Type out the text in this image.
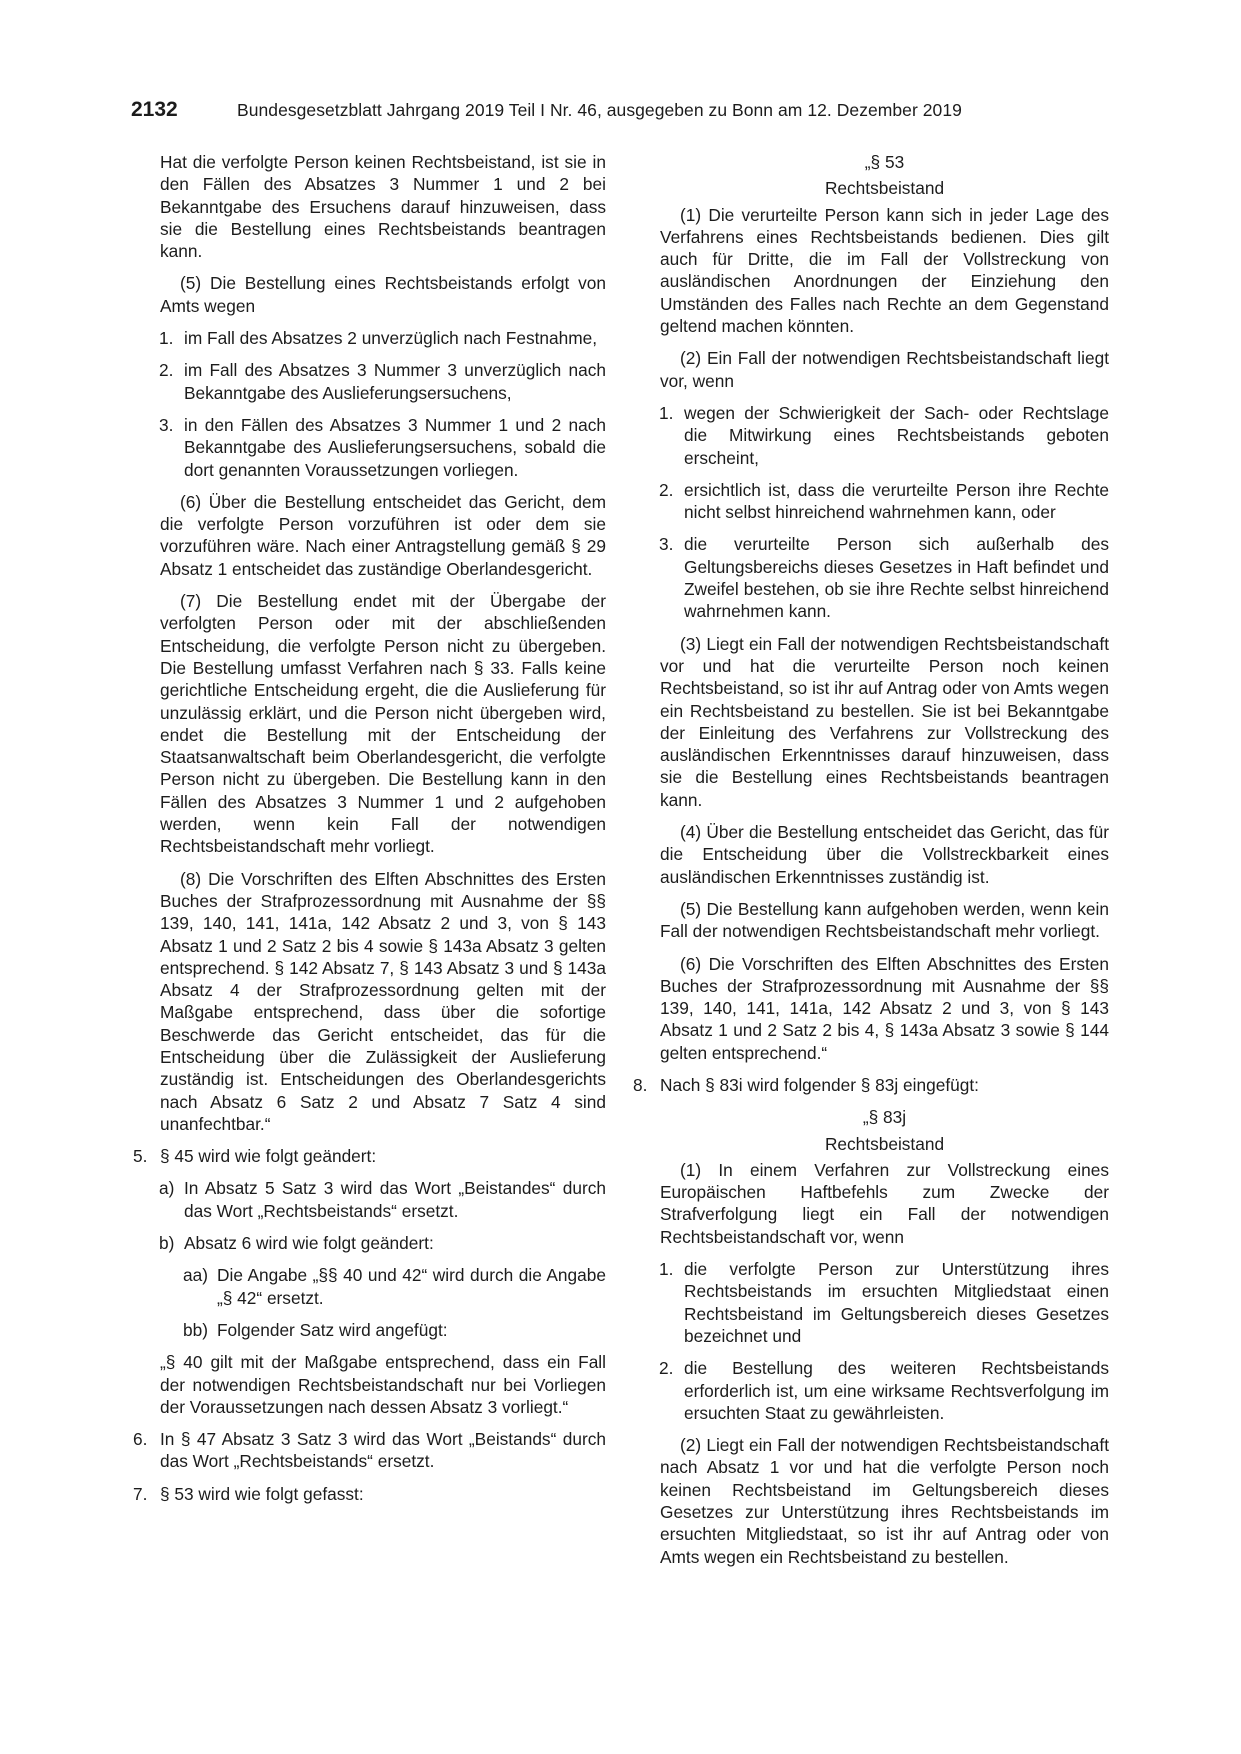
2132	Bundesgesetzblatt Jahrgang 2019 Teil I Nr. 46, ausgegeben zu Bonn am 12. Dezember 2019

Hat die verfolgte Person keinen Rechtsbeistand, ist sie in den Fällen des Absatzes 3 Nummer 1 und 2 bei Bekanntgabe des Ersuchens darauf hinzuweisen, dass sie die Bestellung eines Rechtsbeistands beantragen kann.

(5) Die Bestellung eines Rechtsbeistands erfolgt von Amts wegen

1. im Fall des Absatzes 2 unverzüglich nach Festnahme,
2. im Fall des Absatzes 3 Nummer 3 unverzüglich nach Bekanntgabe des Auslieferungsersuchens,
3. in den Fällen des Absatzes 3 Nummer 1 und 2 nach Bekanntgabe des Auslieferungsersuchens, sobald die dort genannten Voraussetzungen vorliegen.

(6) Über die Bestellung entscheidet das Gericht, dem die verfolgte Person vorzuführen ist oder dem sie vorzuführen wäre. Nach einer Antragstellung gemäß § 29 Absatz 1 entscheidet das zuständige Oberlandesgericht.

(7) Die Bestellung endet mit der Übergabe der verfolgten Person oder mit der abschließenden Entscheidung, die verfolgte Person nicht zu übergeben. Die Bestellung umfasst Verfahren nach § 33. Falls keine gerichtliche Entscheidung ergeht, die die Auslieferung für unzulässig erklärt, und die Person nicht übergeben wird, endet die Bestellung mit der Entscheidung der Staatsanwaltschaft beim Oberlandesgericht, die verfolgte Person nicht zu übergeben. Die Bestellung kann in den Fällen des Absatzes 3 Nummer 1 und 2 aufgehoben werden, wenn kein Fall der notwendigen Rechtsbeistandschaft mehr vorliegt.

(8) Die Vorschriften des Elften Abschnittes des Ersten Buches der Strafprozessordnung mit Ausnahme der §§ 139, 140, 141, 141a, 142 Absatz 2 und 3, von § 143 Absatz 1 und 2 Satz 2 bis 4 sowie § 143a Absatz 3 gelten entsprechend. § 142 Absatz 7, § 143 Absatz 3 und § 143a Absatz 4 der Strafprozessordnung gelten mit der Maßgabe entsprechend, dass über die sofortige Beschwerde das Gericht entscheidet, das für die Entscheidung über die Zulässigkeit der Auslieferung zuständig ist. Entscheidungen des Oberlandesgerichts nach Absatz 6 Satz 2 und Absatz 7 Satz 4 sind unanfechtbar.“

5. § 45 wird wie folgt geändert:
a) In Absatz 5 Satz 3 wird das Wort „Beistandes“ durch das Wort „Rechtsbeistands“ ersetzt.
b) Absatz 6 wird wie folgt geändert:
aa) Die Angabe „§§ 40 und 42“ wird durch die Angabe „§ 42“ ersetzt.
bb) Folgender Satz wird angefügt:

„§ 40 gilt mit der Maßgabe entsprechend, dass ein Fall der notwendigen Rechtsbeistandschaft nur bei Vorliegen der Voraussetzungen nach dessen Absatz 3 vorliegt.“

6. In § 47 Absatz 3 Satz 3 wird das Wort „Beistands“ durch das Wort „Rechtsbeistands“ ersetzt.
7. § 53 wird wie folgt gefasst:

„§ 53

Rechtsbeistand

(1) Die verurteilte Person kann sich in jeder Lage des Verfahrens eines Rechtsbeistands bedienen. Dies gilt auch für Dritte, die im Fall der Vollstreckung von ausländischen Anordnungen der Einziehung den Umständen des Falles nach Rechte an dem Gegenstand geltend machen könnten.

(2) Ein Fall der notwendigen Rechtsbeistandschaft liegt vor, wenn

1. wegen der Schwierigkeit der Sach- oder Rechtslage die Mitwirkung eines Rechtsbeistands geboten erscheint,
2. ersichtlich ist, dass die verurteilte Person ihre Rechte nicht selbst hinreichend wahrnehmen kann, oder
3. die verurteilte Person sich außerhalb des Geltungsbereichs dieses Gesetzes in Haft befindet und Zweifel bestehen, ob sie ihre Rechte selbst hinreichend wahrnehmen kann.

(3) Liegt ein Fall der notwendigen Rechtsbeistandschaft vor und hat die verurteilte Person noch keinen Rechtsbeistand, so ist ihr auf Antrag oder von Amts wegen ein Rechtsbeistand zu bestellen. Sie ist bei Bekanntgabe der Einleitung des Verfahrens zur Vollstreckung des ausländischen Erkenntnisses darauf hinzuweisen, dass sie die Bestellung eines Rechtsbeistands beantragen kann.

(4) Über die Bestellung entscheidet das Gericht, das für die Entscheidung über die Vollstreckbarkeit eines ausländischen Erkenntnisses zuständig ist.

(5) Die Bestellung kann aufgehoben werden, wenn kein Fall der notwendigen Rechtsbeistandschaft mehr vorliegt.

(6) Die Vorschriften des Elften Abschnittes des Ersten Buches der Strafprozessordnung mit Ausnahme der §§ 139, 140, 141, 141a, 142 Absatz 2 und 3, von § 143 Absatz 1 und 2 Satz 2 bis 4, § 143a Absatz 3 sowie § 144 gelten entsprechend.“

8. Nach § 83i wird folgender § 83j eingefügt:

„§ 83j

Rechtsbeistand

(1) In einem Verfahren zur Vollstreckung eines Europäischen Haftbefehls zum Zwecke der Strafverfolgung liegt ein Fall der notwendigen Rechtsbeistandschaft vor, wenn

1. die verfolgte Person zur Unterstützung ihres Rechtsbeistands im ersuchten Mitgliedstaat einen Rechtsbeistand im Geltungsbereich dieses Gesetzes bezeichnet und
2. die Bestellung des weiteren Rechtsbeistands erforderlich ist, um eine wirksame Rechtsverfolgung im ersuchten Staat zu gewährleisten.

(2) Liegt ein Fall der notwendigen Rechtsbeistandschaft nach Absatz 1 vor und hat die verfolgte Person noch keinen Rechtsbeistand im Geltungsbereich dieses Gesetzes zur Unterstützung ihres Rechtsbeistands im ersuchten Mitgliedstaat, so ist ihr auf Antrag oder von Amts wegen ein Rechtsbeistand zu bestellen.
